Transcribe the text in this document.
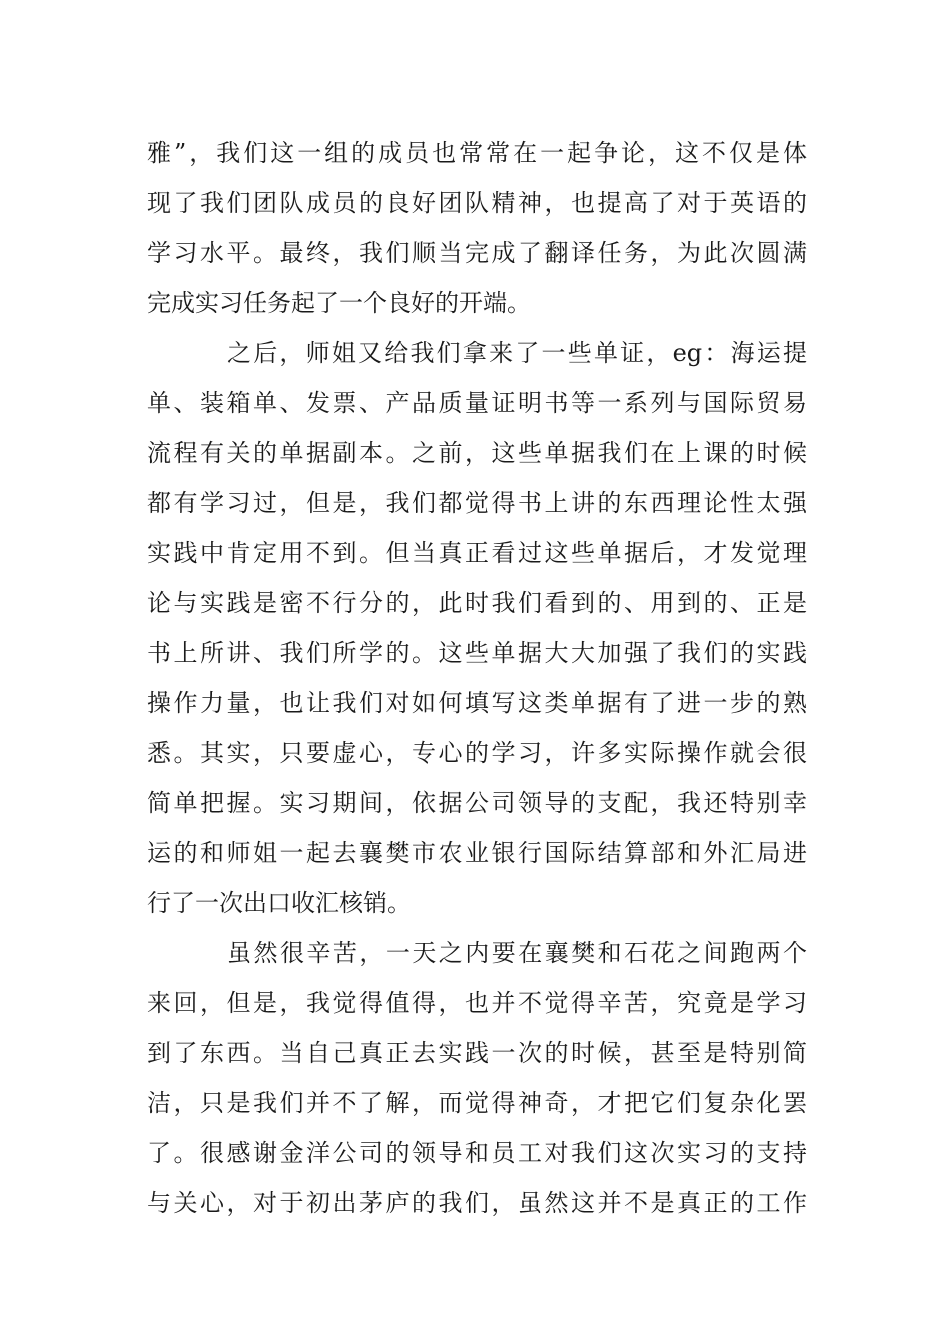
雅”，我们这一组的成员也常常在一起争论，这不仅是体
现了我们团队成员的良好团队精神，也提高了对于英语的
学习水平。最终，我们顺当完成了翻译任务，为此次圆满
完成实习任务起了一个良好的开端。
之后，师姐又给我们拿来了一些单证，eg：海运提
单、装箱单、发票、产品质量证明书等一系列与国际贸易
流程有关的单据副本。之前，这些单据我们在上课的时候
都有学习过，但是，我们都觉得书上讲的东西理论性太强
实践中肯定用不到。但当真正看过这些单据后，才发觉理
论与实践是密不行分的，此时我们看到的、用到的、正是
书上所讲、我们所学的。这些单据大大加强了我们的实践
操作力量，也让我们对如何填写这类单据有了进一步的熟
悉。其实，只要虚心，专心的学习，许多实际操作就会很
简单把握。实习期间，依据公司领导的支配，我还特别幸
运的和师姐一起去襄樊市农业银行国际结算部和外汇局进
行了一次出口收汇核销。
虽然很辛苦，一天之内要在襄樊和石花之间跑两个
来回，但是，我觉得值得，也并不觉得辛苦，究竟是学习
到了东西。当自己真正去实践一次的时候，甚至是特别简
洁，只是我们并不了解，而觉得神奇，才把它们复杂化罢
了。很感谢金洋公司的领导和员工对我们这次实习的支持
与关心，对于初出茅庐的我们，虽然这并不是真正的工作
